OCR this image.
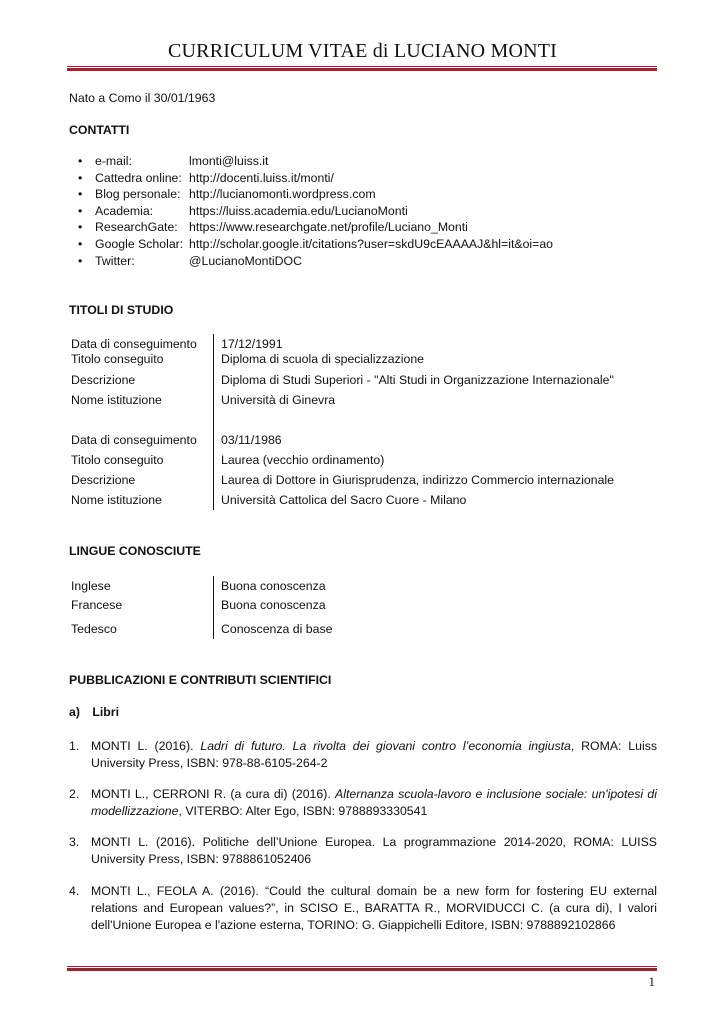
CURRICULUM VITAE di LUCIANO MONTI
Nato a Como il 30/01/1963
CONTATTI
•	e-mail:	lmonti@luiss.it
•	Cattedra online: http://docenti.luiss.it/monti/
•	Blog personale: http://lucianomonti.wordpress.com
•	Academia:	https://luiss.academia.edu/LucianoMonti
•	ResearchGate: https://www.researchgate.net/profile/Luciano_Monti
•	Google Scholar: http://scholar.google.it/citations?user=skdU9cEAAAAJ&hl=it&oi=ao
•	Twitter:	@LucianoMontiDOC
TITOLI DI STUDIO
Data di conseguimento	17/12/1991
Titolo conseguito	Diploma di scuola di specializzazione
Descrizione	Diploma di Studi Superiori - "Alti Studi in Organizzazione Internazionale"
Nome istituzione	Università di Ginevra
Data di conseguimento	03/11/1986
Titolo conseguito	Laurea (vecchio ordinamento)
Descrizione	Laurea di Dottore in Giurisprudenza, indirizzo Commercio internazionale
Nome istituzione	Università Cattolica del Sacro Cuore - Milano
LINGUE CONOSCIUTE
Inglese	Buona conoscenza
Francese	Buona conoscenza
Tedesco	Conoscenza di base
PUBBLICAZIONI E CONTRIBUTI SCIENTIFICI
a) Libri
1. MONTI L. (2016). Ladri di futuro. La rivolta dei giovani contro l’economia ingiusta, ROMA: Luiss University Press, ISBN: 978-88-6105-264-2
2. MONTI L., CERRONI R. (a cura di) (2016). Alternanza scuola-lavoro e inclusione sociale: un'ipotesi di modellizzazione, VITERBO: Alter Ego, ISBN: 9788893330541
3. MONTI L. (2016). Politiche dell’Unione Europea. La programmazione 2014-2020, ROMA: LUISS University Press, ISBN: 9788861052406
4. MONTI L., FEOLA A. (2016). “Could the cultural domain be a new form for fostering EU external relations and European values?”, in SCISO E., BARATTA R., MORVIDUCCI C. (a cura di), I valori dell'Unione Europea e l'azione esterna, TORINO: G. Giappichelli Editore, ISBN: 9788892102866
1
